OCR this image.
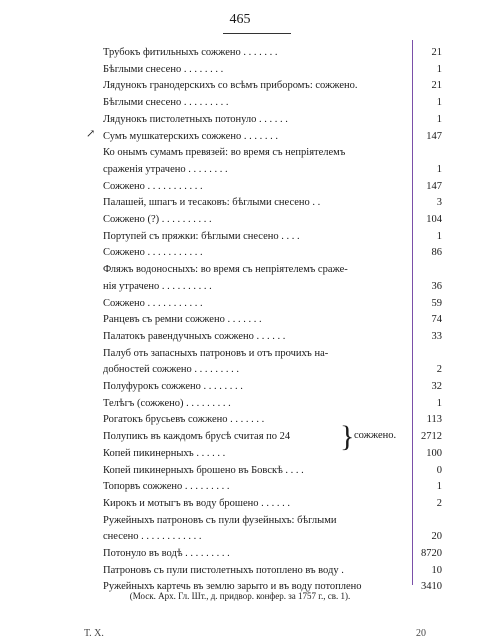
465
Трубокъ фитильныхъ сожжено . . . . . . .	21
Бѣглыми снесено . . . . . . . .	1
Лядунокъ гранодерскихъ со всѣмъ приборомъ: сожжено.	21
Бѣглыми снесено . . . . . . . . .	1
Лядунокъ пистолетныхъ потонуло . . . . . .	1
Сумъ мушкатерскихъ сожжено . . . . . . .	147
Ко онымъ сумамъ превязей: во время съ непріятелемъ
сраженія утрачено . . . . . . . .	1
Сожжено . . . . . . . . . . .	147
Палашей, шпагъ и тесаковъ: бѣглыми снесено . .	3
Сожжено (?) . . . . . . . . . .	104
Портупей съ пряжки: бѣглыми снесено . . . .	1
Сожжено . . . . . . . . . . .	86
Фляжъ водоносныхъ: во время съ непріятелемъ сраже-
нія утрачено . . . . . . . . . .	36
Сожжено . . . . . . . . . . .	59
Ранцевъ съ ремни сожжено . . . . . . .	74
Палатокъ равендучныхъ сожжено . . . . . .	33
Палуб оть запасныхъ патроновъ и отъ прочихъ на-
добностей сожжено . . . . . . . . .	2
Полуфурокъ сожжено . . . . . . . .	32
Телѣгъ (сожжено) . . . . . . . . .	1
Рогатокъ брусьевъ сожжено . . . . . . .	113
Полупикъ въ каждомъ брусѣ считая по 24	2712
Копей пикинерныхъ . . . . . .	100
Копей пикинерныхъ брошено въ Бовскѣ . . . .	0
Топорвъ сожжено . . . . . . . . .	1
Кирокъ и мотыгъ въ воду брошено . . . . . .	2
Ружейныхъ патроновъ съ пули фузейныхъ: бѣглыми
снесено . . . . . . . . . . . .	20
Потонуло въ водѣ . . . . . . . . .	8720
Патроновъ съ пули пистолетныхъ потоплено въ воду .	10
Ружейныхъ картечь въ землю зарыто и въ воду потоплено	3410
↗
} сожжено.
(Моск. Арх. Гл. Шт., д. придвор. конфер. за 1757 г., св. 1).
Т. Х.	20
